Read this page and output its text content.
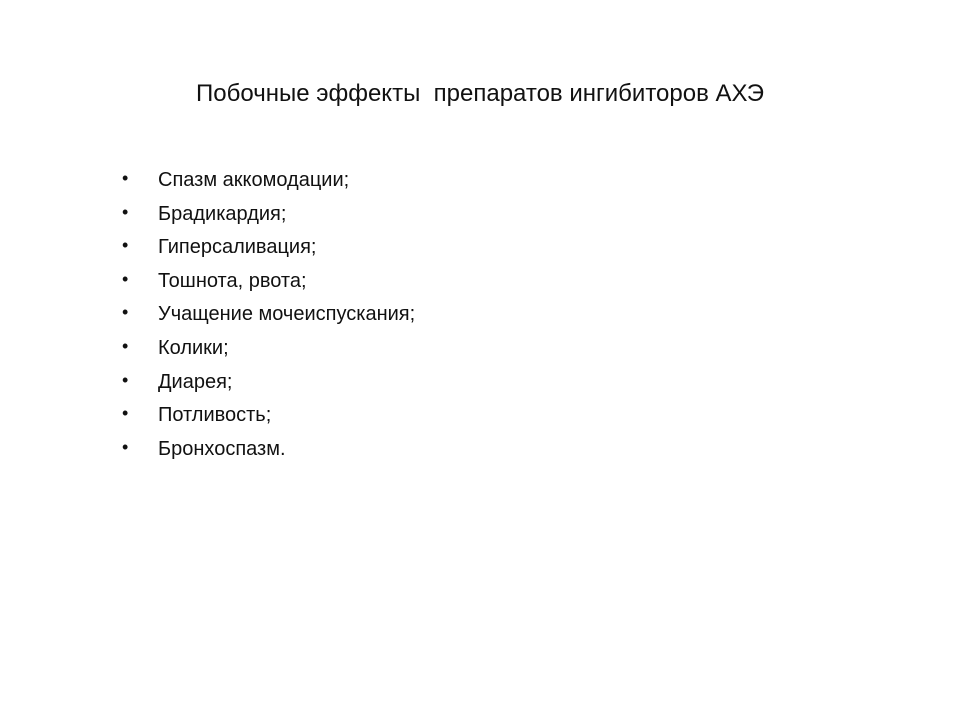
Побочные эффекты  препаратов ингибиторов АХЭ
•	Спазм аккомодации;
•	Брадикардия;
•	Гиперсаливация;
•	Тошнота, рвота;
•	Учащение мочеиспускания;
•	Колики;
•	Диарея;
•	Потливость;
•	Бронхоспазм.
